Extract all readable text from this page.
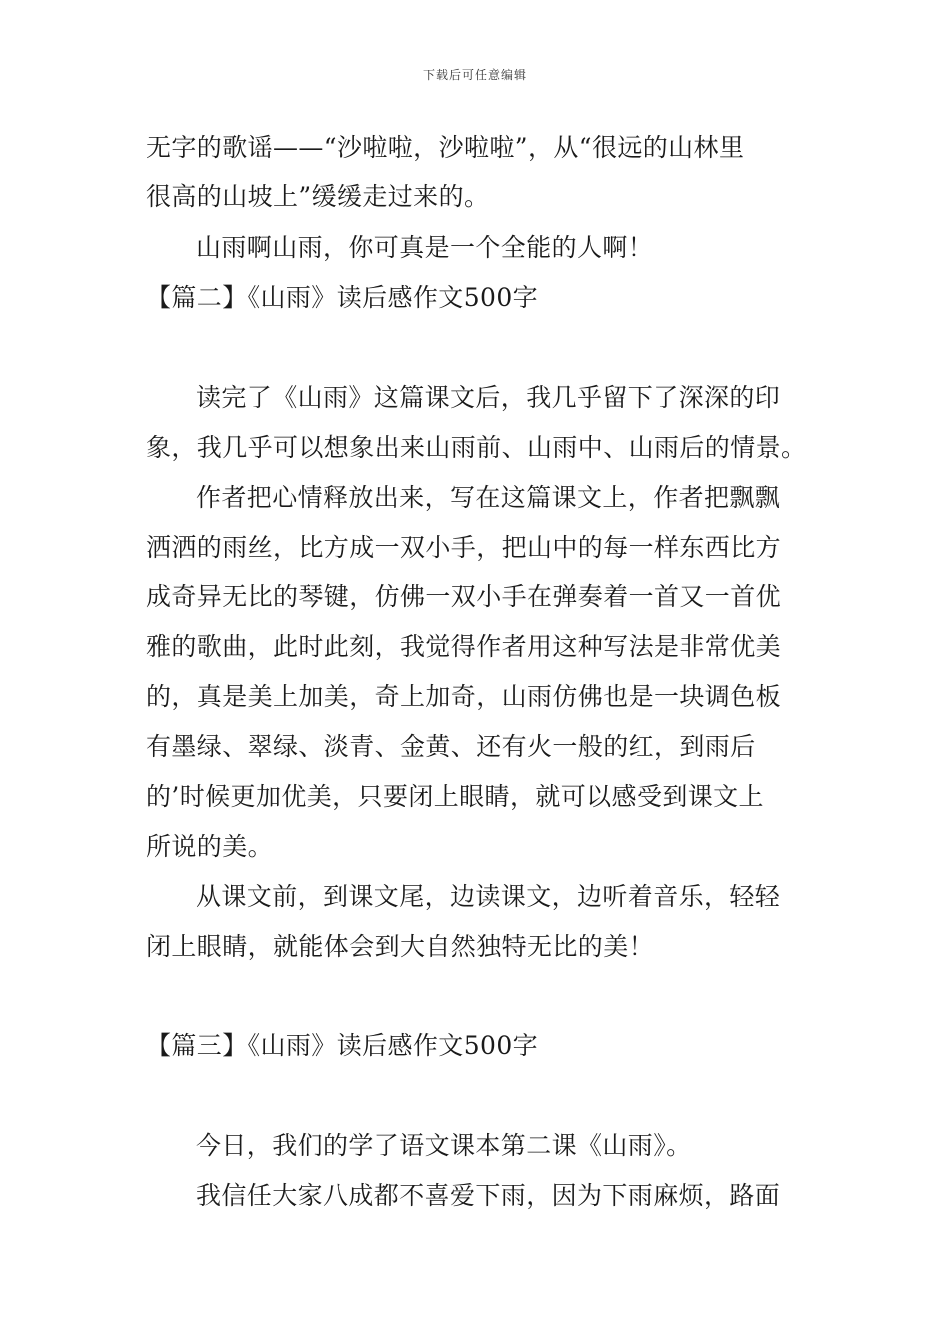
下载后可任意编辑
无字的歌谣——“沙啦啦，沙啦啦”，从“很远的山林里
很高的山坡上”缓缓走过来的。
山雨啊山雨，你可真是一个全能的人啊！
【篇二】《山雨》读后感作文500字
读完了《山雨》这篇课文后，我几乎留下了深深的印
象，我几乎可以想象出来山雨前、山雨中、山雨后的情景。
作者把心情释放出来，写在这篇课文上，作者把飘飘
洒洒的雨丝，比方成一双小手，把山中的每一样东西比方
成奇异无比的琴键，仿佛一双小手在弹奏着一首又一首优
雅的歌曲，此时此刻，我觉得作者用这种写法是非常优美
的，真是美上加美，奇上加奇，山雨仿佛也是一块调色板
有墨绿、翠绿、淡青、金黄、还有火一般的红，到雨后
的’时候更加优美，只要闭上眼睛，就可以感受到课文上
所说的美。
从课文前，到课文尾，边读课文，边听着音乐，轻轻
闭上眼睛，就能体会到大自然独特无比的美！
【篇三】《山雨》读后感作文500字
今日，我们的学了语文课本第二课《山雨》。
我信任大家八成都不喜爱下雨，因为下雨麻烦，路面
